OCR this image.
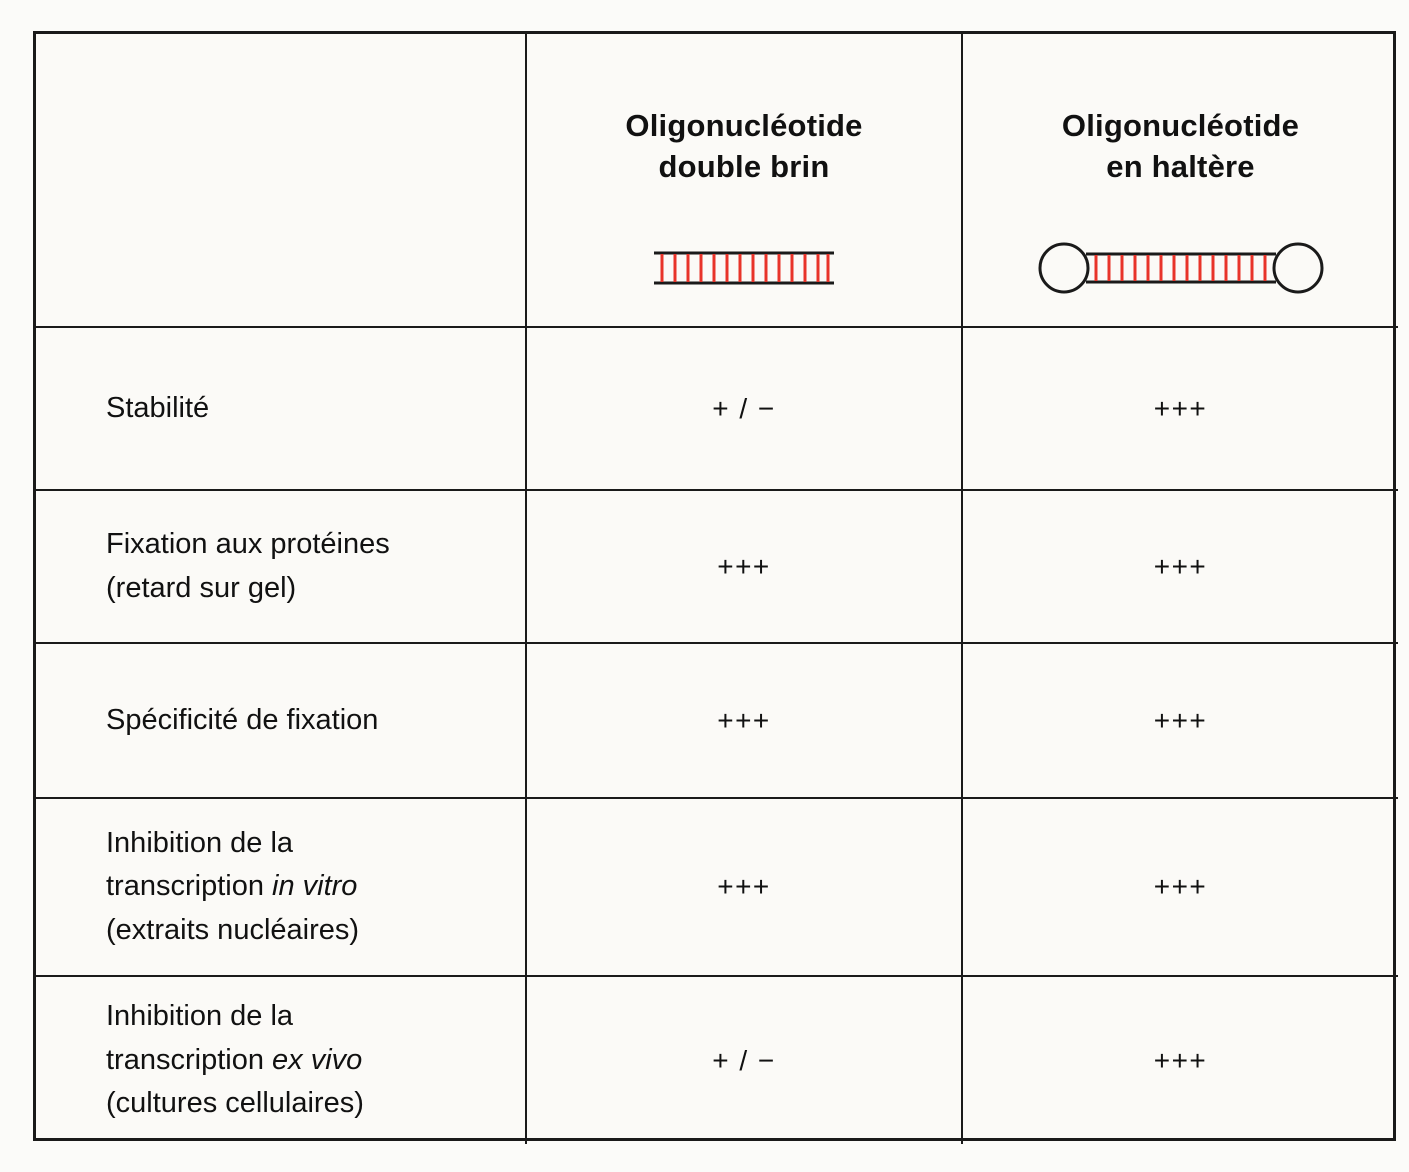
	Oligonucléotide
double brin	Oligonucléotide
en haltère

Stabilité	+ / −	+++

Fixation aux protéines
(retard sur gel)	+++	+++

Spécificité de fixation	+++	+++

Inhibition de la
transcription in vitro
(extraits nucléaires)	+++	+++

Inhibition de la
transcription ex vivo
(cultures cellulaires)	+ / −	+++
